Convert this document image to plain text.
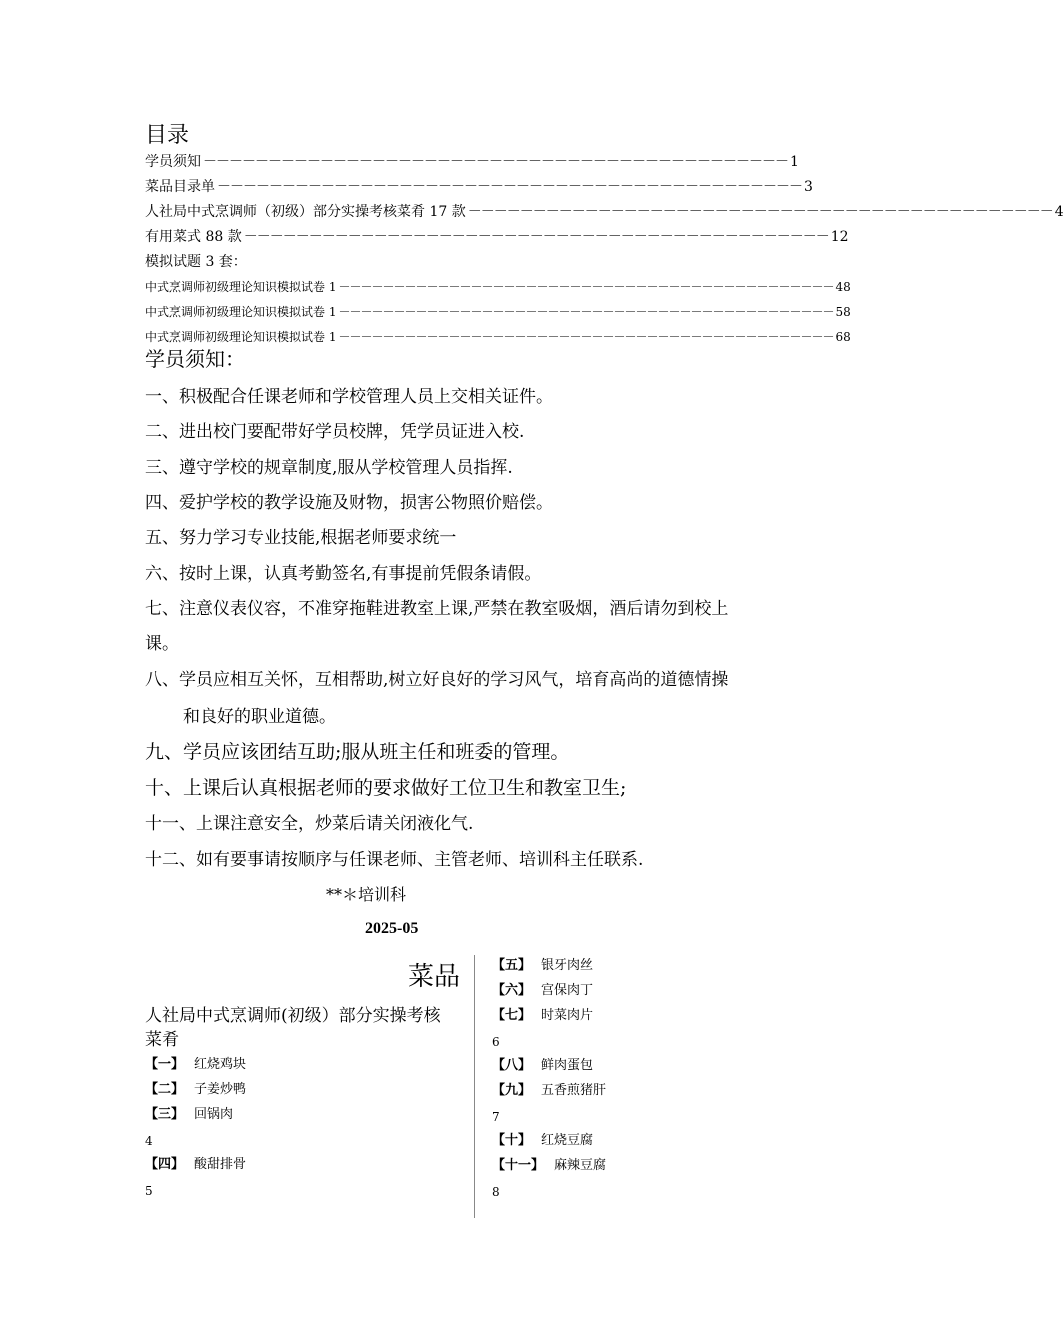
目录
学员须知 －－－－－－－－－－－－－－－－－－－－－－－－－－－－－－－－－－－－－－－－－－－－－ 1
菜品目录单 －－－－－－－－－－－－－－－－－－－－－－－－－－－－－－－－－－－－－－－－－－－－－ 3
人社局中式烹调师（初级）部分实操考核菜肴 17 款 －－－－－－－－－－－－－－－－－－－－－－－－－－－－－－－－－－－－－－－－－－－－－ 4
有用菜式 88 款 －－－－－－－－－－－－－－－－－－－－－－－－－－－－－－－－－－－－－－－－－－－－－ 12
模拟试题 3 套：
中式烹调师初级理论知识模拟试卷 1 －－－－－－－－－－－－－－－－－－－－－－－－－－－－－－－－－－－－－－－－－－－－－ 48
中式烹调师初级理论知识模拟试卷 1 －－－－－－－－－－－－－－－－－－－－－－－－－－－－－－－－－－－－－－－－－－－－－ 58
中式烹调师初级理论知识模拟试卷 1 －－－－－－－－－－－－－－－－－－－－－－－－－－－－－－－－－－－－－－－－－－－－－ 68
学员须知：
一、积极配合任课老师和学校管理人员上交相关证件。
二、进出校门要配带好学员校牌，凭学员证进入校.
三、遵守学校的规章制度,服从学校管理人员指挥.
四、爱护学校的教学设施及财物，损害公物照价赔偿。
五、努力学习专业技能,根据老师要求统一
六、按时上课，认真考勤签名,有事提前凭假条请假。
七、注意仪表仪容，不准穿拖鞋进教室上课,严禁在教室吸烟，酒后请勿到校上
课。
八、学员应相互关怀，互相帮助,树立好良好的学习风气，培育高尚的道德情操
和良好的职业道德。
九、学员应该团结互助;服从班主任和班委的管理。
十、上课后认真根据老师的要求做好工位卫生和教室卫生;
十一、上课注意安全，炒菜后请关闭液化气.
十二、如有要事请按顺序与任课老师、主管老师、培训科主任联系.
**＊培训科
2025-05
菜品
人社局中式烹调师(初级）部分实操考核菜肴
【一】 红烧鸡块
【二】 子姜炒鸭
【三】 回锅肉
4
【四】 酸甜排骨
5
【五】 银牙肉丝
【六】 宫保肉丁
【七】 时菜肉片
6
【八】 鲜肉蛋包
【九】 五香煎猪肝
7
【十】 红烧豆腐
【十一】 麻辣豆腐
8
